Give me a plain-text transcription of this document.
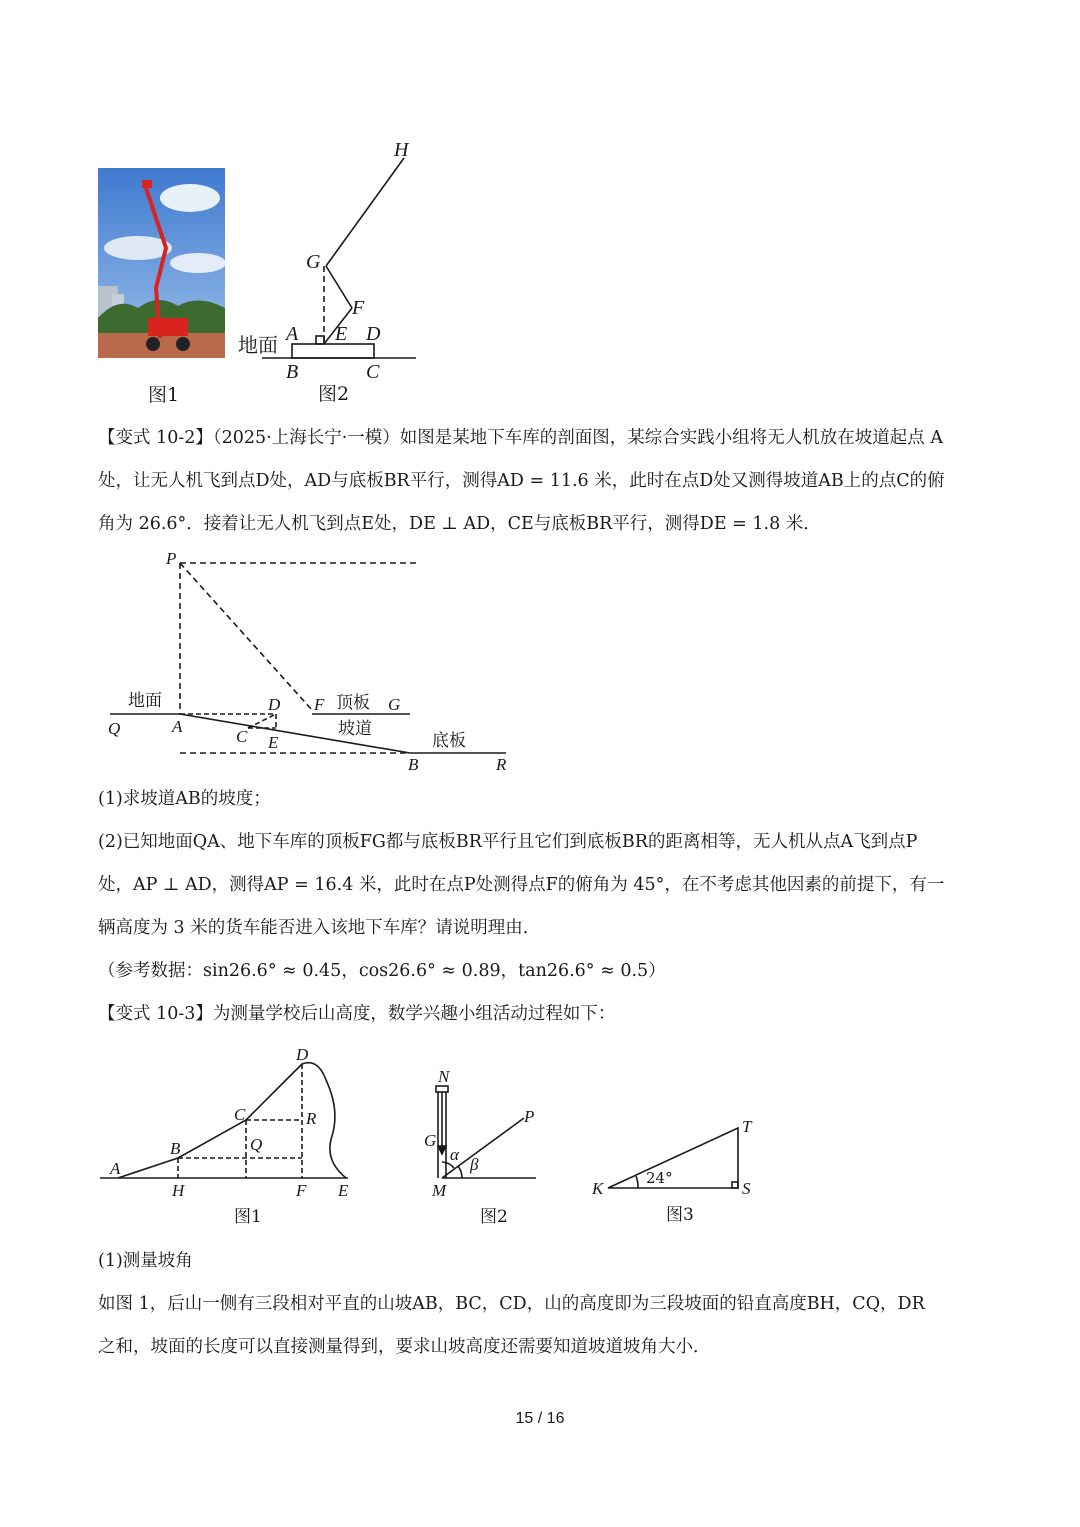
图1
H
G
F
A E D
B	C
地面
图2
【变式 10-2】（2025·上海长宁·一模）如图是某地下车库的剖面图，某综合实践小组将无人机放在坡道起点 A
处，让无人机飞到点D处，AD与底板BR平行，测得AD = 11.6 米，此时在点D处又测得坡道AB上的点C的俯
角为 26.6°．接着让无人机飞到点E处，DE ⊥ AD，CE与底板BR平行，测得DE = 1.8 米．
P
Q	A
D
C E
F	G
B	R
地面	顶板
坡道
底板
(1)求坡道AB的坡度；
(2)已知地面QA、地下车库的顶板FG都与底板BR平行且它们到底板BR的距离相等，无人机从点A飞到点P
处，AP ⊥ AD，测得AP = 16.4 米，此时在点P处测得点F的俯角为 45°，在不考虑其他因素的前提下，有一
辆高度为 3 米的货车能否进入该地下车库？请说明理由．
（参考数据：sin26.6° ≈ 0.45，cos26.6° ≈ 0.89，tan26.6° ≈ 0.5）
【变式 10-3】为测量学校后山高度，数学兴趣小组活动过程如下：
A
B
C
D
H
Q
R
F E
图1
N
G
M
P
α
β
图2
K
T
S
24°
图3
(1)测量坡角
如图 1，后山一侧有三段相对平直的山坡AB，BC，CD，山的高度即为三段坡面的铅直高度BH，CQ，DR
之和，坡面的长度可以直接测量得到，要求山坡高度还需要知道坡道坡角大小．
15 / 16
